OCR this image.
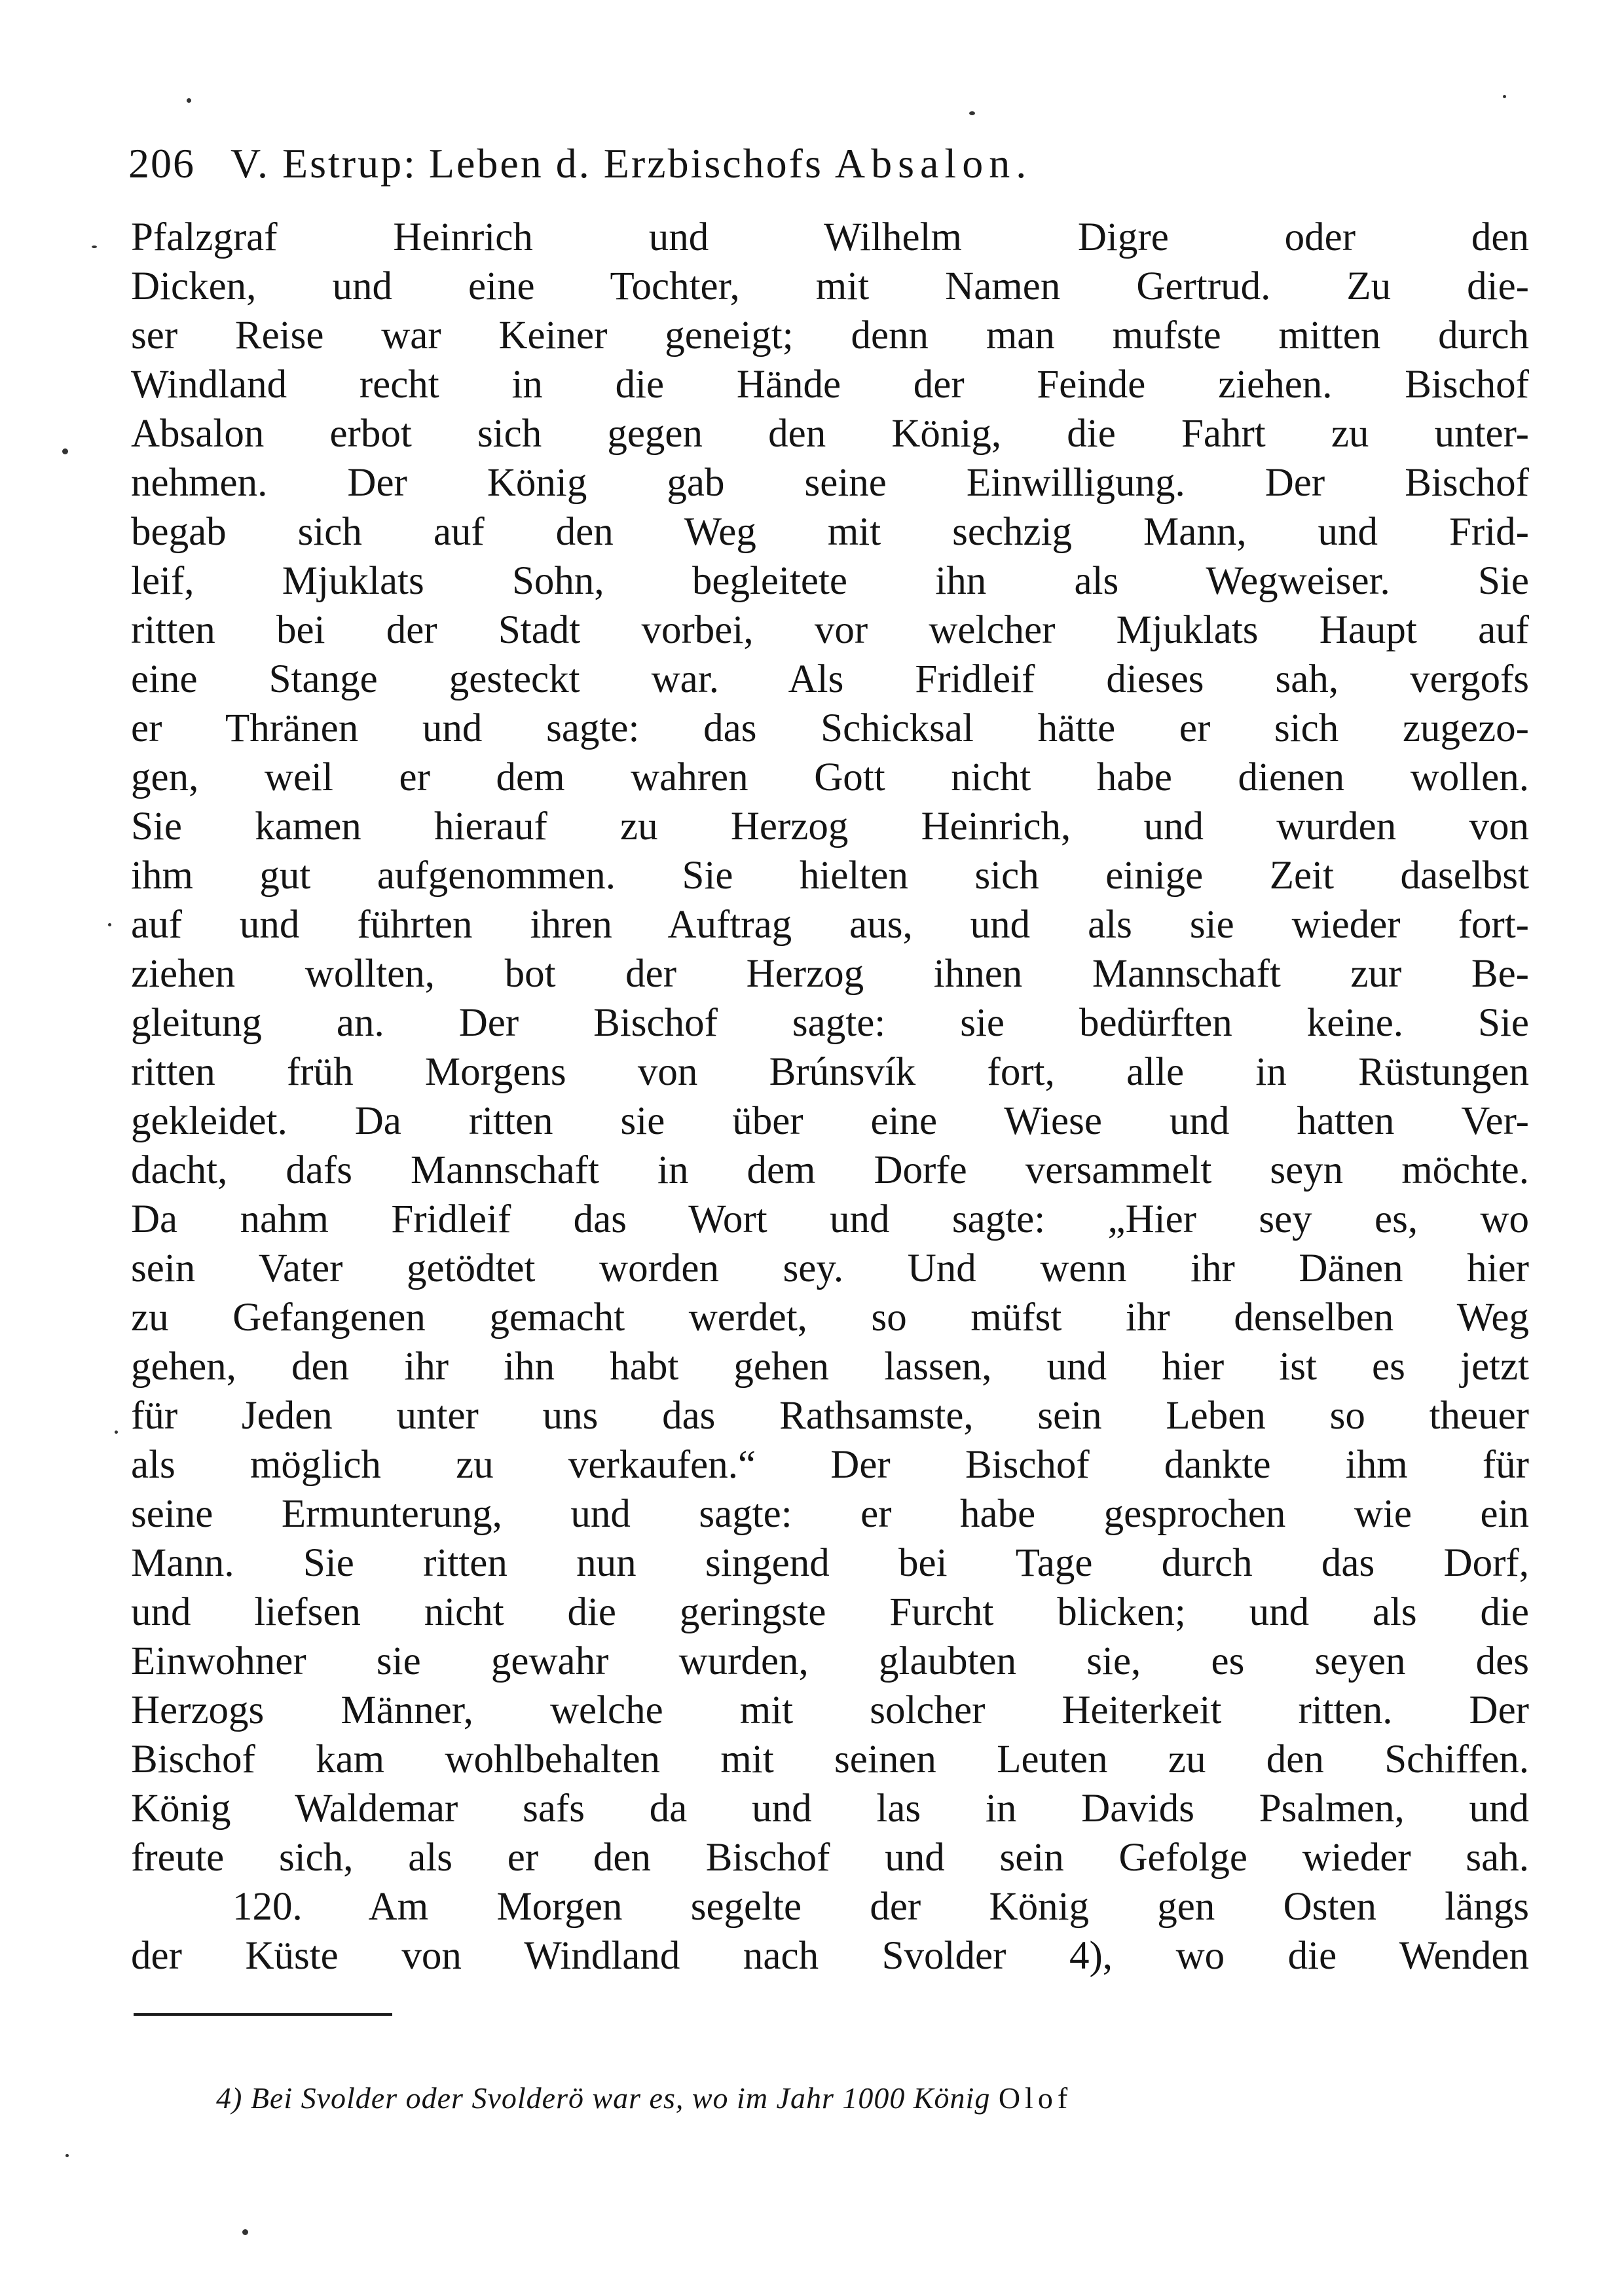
206 V. Estrup: Leben d. Erzbischofs Absalon.
Pfalzgraf Heinrich und Wilhelm Digre oder den
Dicken, und eine Tochter, mit Namen Gertrud. Zu die-
ser Reise war Keiner geneigt; denn man mufste mitten durch
Windland recht in die Hände der Feinde ziehen. Bischof
Absalon erbot sich gegen den König, die Fahrt zu unter-
nehmen. Der König gab seine Einwilligung. Der Bischof
begab sich auf den Weg mit sechzig Mann, und Frid-
leif, Mjuklats Sohn, begleitete ihn als Wegweiser. Sie
ritten bei der Stadt vorbei, vor welcher Mjuklats Haupt auf
eine Stange gesteckt war. Als Fridleif dieses sah, vergofs
er Thränen und sagte: das Schicksal hätte er sich zugezo-
gen, weil er dem wahren Gott nicht habe dienen wollen.
Sie kamen hierauf zu Herzog Heinrich, und wurden von
ihm gut aufgenommen. Sie hielten sich einige Zeit daselbst
auf und führten ihren Auftrag aus, und als sie wieder fort-
ziehen wollten, bot der Herzog ihnen Mannschaft zur Be-
gleitung an. Der Bischof sagte: sie bedürften keine. Sie
ritten früh Morgens von Brúnsvík fort, alle in Rüstungen
gekleidet. Da ritten sie über eine Wiese und hatten Ver-
dacht, dafs Mannschaft in dem Dorfe versammelt seyn möchte.
Da nahm Fridleif das Wort und sagte: „Hier sey es, wo
sein Vater getödtet worden sey. Und wenn ihr Dänen hier
zu Gefangenen gemacht werdet, so müfst ihr denselben Weg
gehen, den ihr ihn habt gehen lassen, und hier ist es jetzt
für Jeden unter uns das Rathsamste, sein Leben so theuer
als möglich zu verkaufen.“ Der Bischof dankte ihm für
seine Ermunterung, und sagte: er habe gesprochen wie ein
Mann. Sie ritten nun singend bei Tage durch das Dorf,
und liefsen nicht die geringste Furcht blicken; und als die
Einwohner sie gewahr wurden, glaubten sie, es seyen des
Herzogs Männer, welche mit solcher Heiterkeit ritten. Der
Bischof kam wohlbehalten mit seinen Leuten zu den Schiffen.
König Waldemar safs da und las in Davids Psalmen, und
freute sich, als er den Bischof und sein Gefolge wieder sah.
120. Am Morgen segelte der König gen Osten längs
der Küste von Windland nach Svolder 4), wo die Wenden
4) Bei Svolder oder Svolderö war es, wo im Jahr 1000 König Olof
